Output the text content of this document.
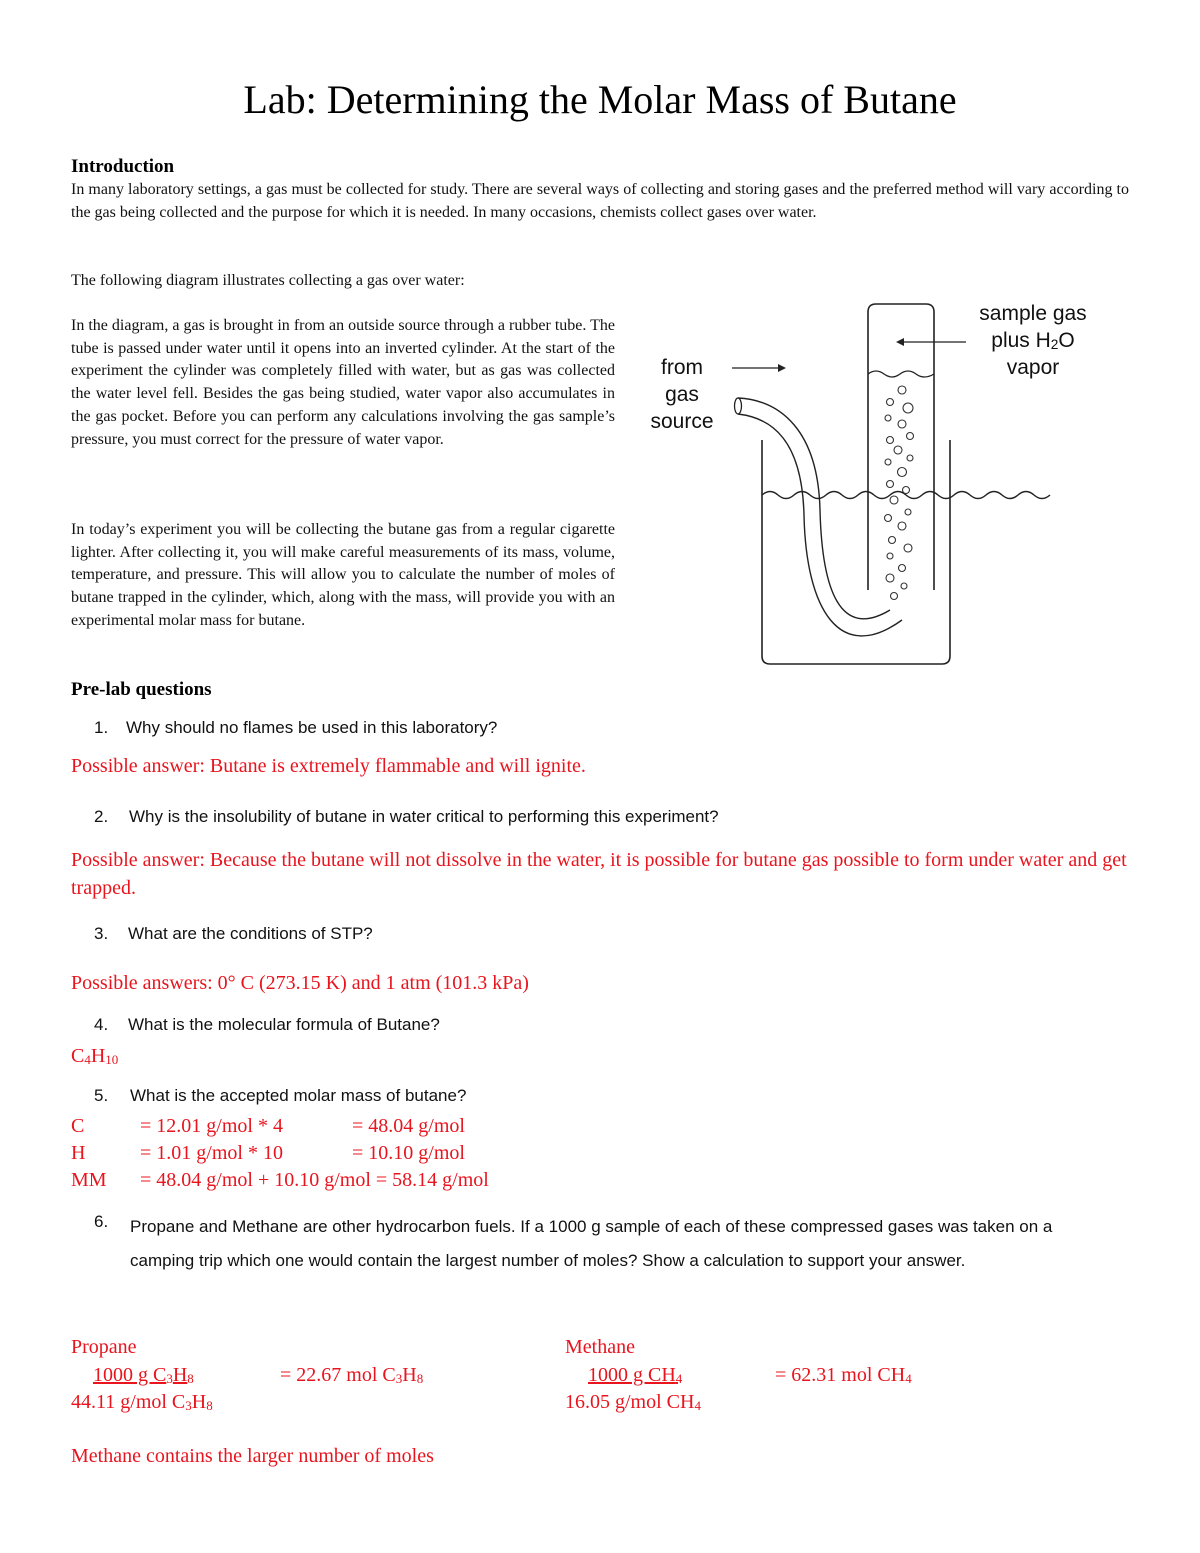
Lab: Determining the Molar Mass of Butane
Introduction
In many laboratory settings, a gas must be collected for study. There are several ways of collecting and storing gases and the preferred method will vary according to the gas being collected and the purpose for which it is needed. In many occasions, chemists collect gases over water.
The following diagram illustrates collecting a gas over water:
In the diagram, a gas is brought in from an outside source through a rubber tube. The tube is passed under water until it opens into an inverted cylinder. At the start of the experiment the cylinder was completely filled with water, but as gas was collected the water level fell. Besides the gas being studied, water vapor also accumulates in the gas pocket. Before you can perform any calculations involving the gas sample’s pressure, you must correct for the pressure of water vapor.
In today’s experiment you will be collecting the butane gas from a regular cigarette lighter. After collecting it, you will make careful measurements of its mass, volume, temperature, and pressure. This will allow you to calculate the number of moles of butane trapped in the cylinder, which, along with the mass, will provide you with an experimental molar mass for butane.
from
gas
source
sample gas
plus $H_2O$
vapor
Pre-lab questions
1. Why should no flames be used in this laboratory?
Possible answer: Butane is extremely flammable and will ignite.
2. Why is the insolubility of butane in water critical to performing this experiment?
Possible answer: Because the butane will not dissolve in the water, it is possible for butane gas possible to form under water and get trapped.
3. What are the conditions of STP?
Possible answers: 0° C (273.15 K) and 1 atm (101.3 kPa)
4. What is the molecular formula of Butane?
$C_4H_{10}$
5. What is the accepted molar mass of butane?
C	= 12.01 g/mol * 4	= 48.04 g/mol
H	= 1.01 g/mol * 10	= 10.10 g/mol
MM = 48.04 g/mol + 10.10 g/mol = 58.14 g/mol
6. Propane and Methane are other hydrocarbon fuels. If a 1000 g sample of each of these compressed gases was taken on a camping trip which one would contain the largest number of moles? Show a calculation to support your answer.
Propane
1000 g $C_3H_8$	= 22.67 mol $C_3H_8$
44.11 g/mol $C_3H_8$
Methane
1000 g $CH_4$	= 62.31 mol $CH_4$
16.05 g/mol $CH_4$
Methane contains the larger number of moles
